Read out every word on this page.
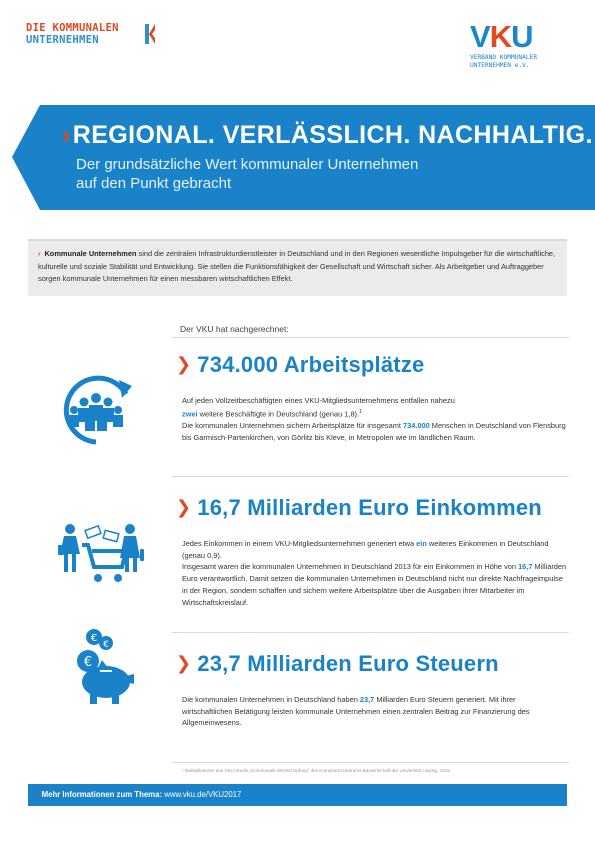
DIE KOMMUNALEN
UNTERNEHMEN	VKU
VERBAND KOMMUNALER
UNTERNEHMEN e.V.
›REGIONAL. VERLÄSSLICH. NACHHALTIG.
Der grundsätzliche Wert kommunaler Unternehmen
auf den Punkt gebracht
› Kommunale Unternehmen sind die zentralen Infrastrukturdienstleister in Deutschland und in den Regionen wesentliche Impulsgeber für die wirtschaftliche, kulturelle und soziale Stabilität und Entwicklung. Sie stellen die Funktionsfähigkeit der Gesellschaft und Wirtschaft sicher. Als Arbeitgeber und Auftraggeber sorgen kommunale Unternehmen für einen messbaren wirtschaftlichen Effekt.
Der VKU hat nachgerechnet:
❯ 734.000 Arbeitsplätze
Auf jeden Vollzeitbeschäftigten eines VKU-Mitgliedsunternehmens entfallen nahezu
zwei weitere Beschäftigte in Deutschland (genau 1,8).$^1$
Die kommunalen Unternehmen sichern Arbeitsplätze für insgesamt 734.000 Menschen in Deutschland von Flensburg bis Garmisch-Partenkirchen, von Görlitz bis Kleve, in Metropolen wie im ländlichen Raum.
❯ 16,7 Milliarden Euro Einkommen
Jedes Einkommen in einem VKU-Mitgliedsunternehmen generiert etwa ein weiteres Einkommen in Deutschland (genau 0,9).
Insgesamt waren die kommunalen Unternehmen in Deutschland 2013 für ein Einkommen in Höhe von 16,7 Milliarden Euro verantwortlich. Damit setzen die kommunalen Unternehmen in Deutschland nicht nur direkte Nachfrageimpulse in der Region, sondern schaffen und sichern weitere Arbeitsplätze über die Ausgaben ihrer Mitarbeiter im Wirtschaftskreislauf.
€
€
€	❯ 23,7 Milliarden Euro Steuern
Die kommunalen Unternehmen in Deutschland haben 23,7 Milliarden Euro Steuern generiert. Mit ihrer wirtschaftlichen Betätigung leisten kommunale Unternehmen einen zentralen Beitrag zur Finanzierung des Allgemeinwesens.
¹ Multiplikatoren aus VKU-Studie „Kommunale Wertschöpfung“ des Kompetenzzentrums Bauwirtschaft der Universität Leipzig, 2015.
› Mehr Informationen zum Thema: www.vku.de/VKU2017
